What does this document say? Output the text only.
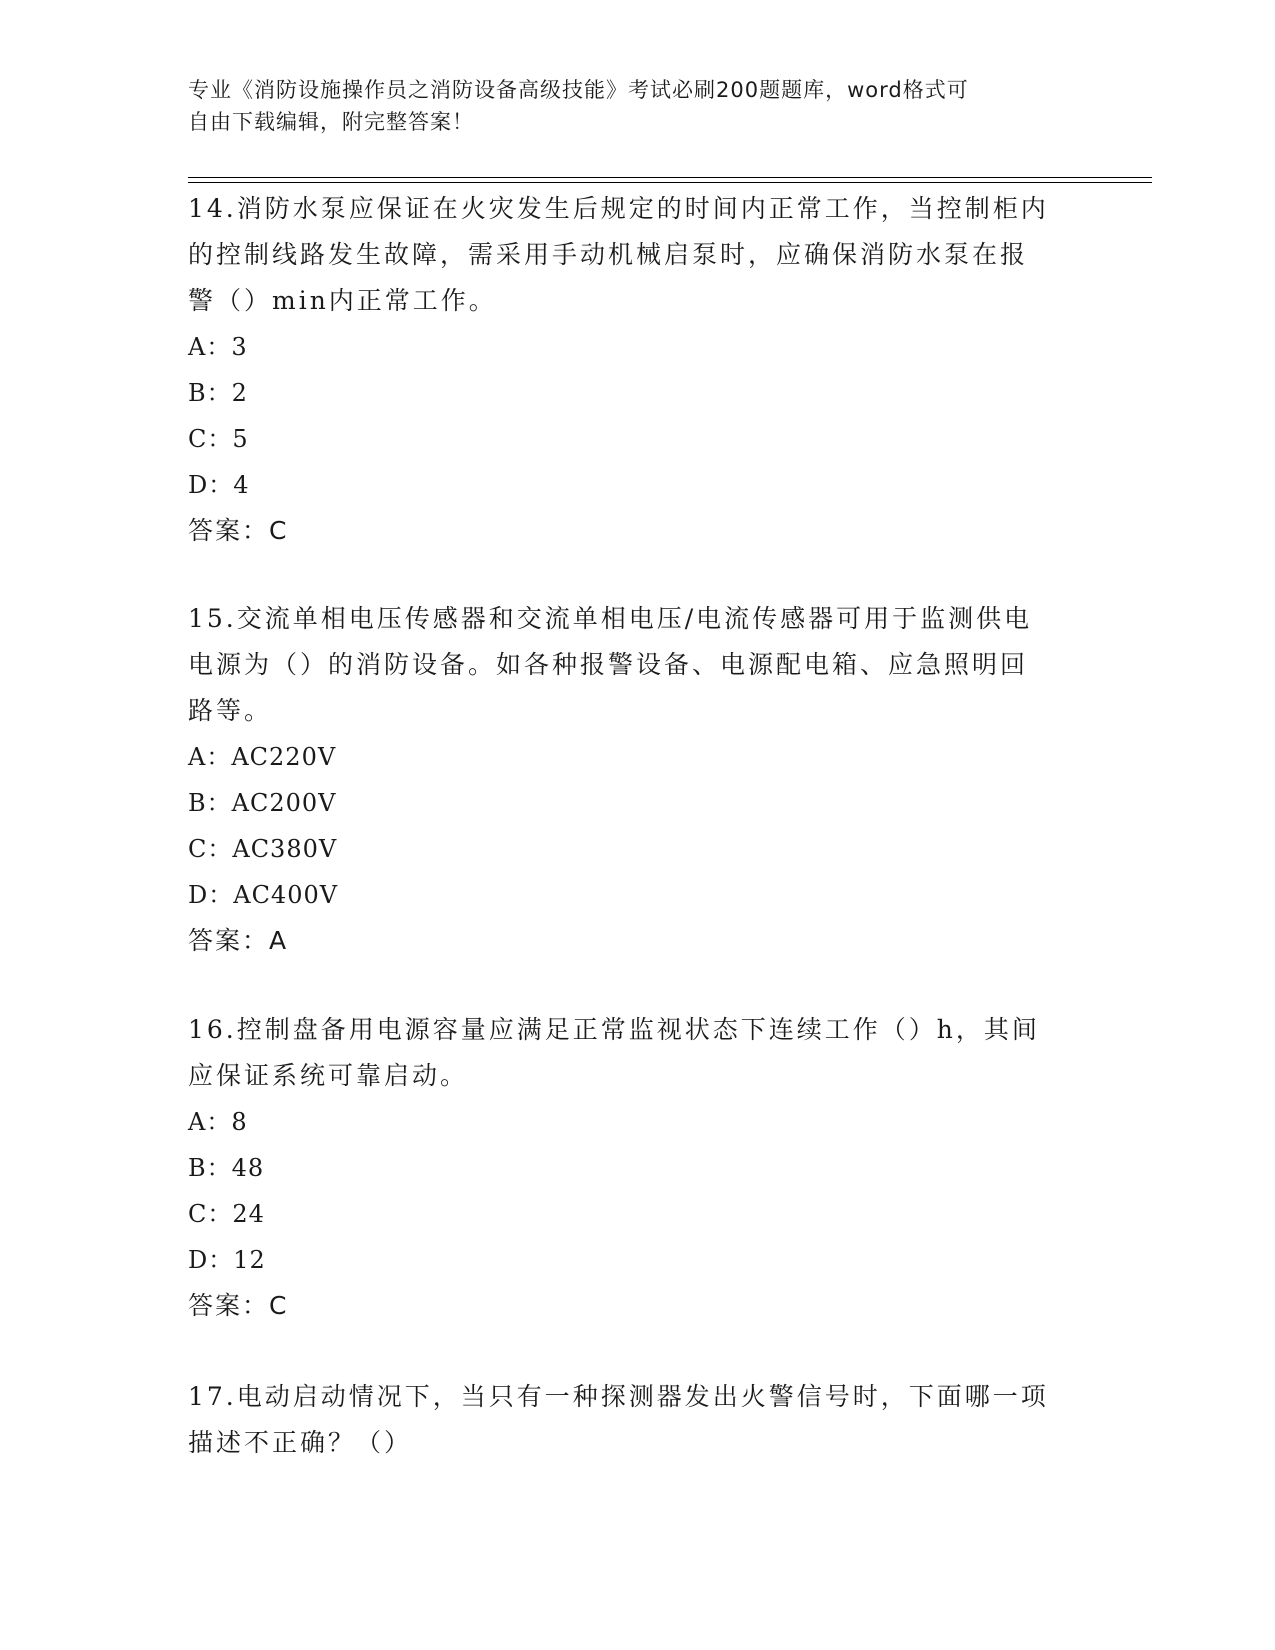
专业《消防设施操作员之消防设备高级技能》考试必刷200题题库，word格式可
自由下载编辑，附完整答案！

14.消防水泵应保证在火灾发生后规定的时间内正常工作，当控制柜内

的控制线路发生故障，需采用手动机械启泵时，应确保消防水泵在报

警（）min内正常工作。

A：3

B：2

C：5

D：4

答案：C

15.交流单相电压传感器和交流单相电压/电流传感器可用于监测供电

电源为（）的消防设备。如各种报警设备、电源配电箱、应急照明回

路等。

A：AC220V

B：AC200V

C：AC380V

D：AC400V

答案：A

16.控制盘备用电源容量应满足正常监视状态下连续工作（）h，其间

应保证系统可靠启动。

A：8

B：48

C：24

D：12

答案：C

17.电动启动情况下，当只有一种探测器发出火警信号时，下面哪一项

描述不正确？（）
